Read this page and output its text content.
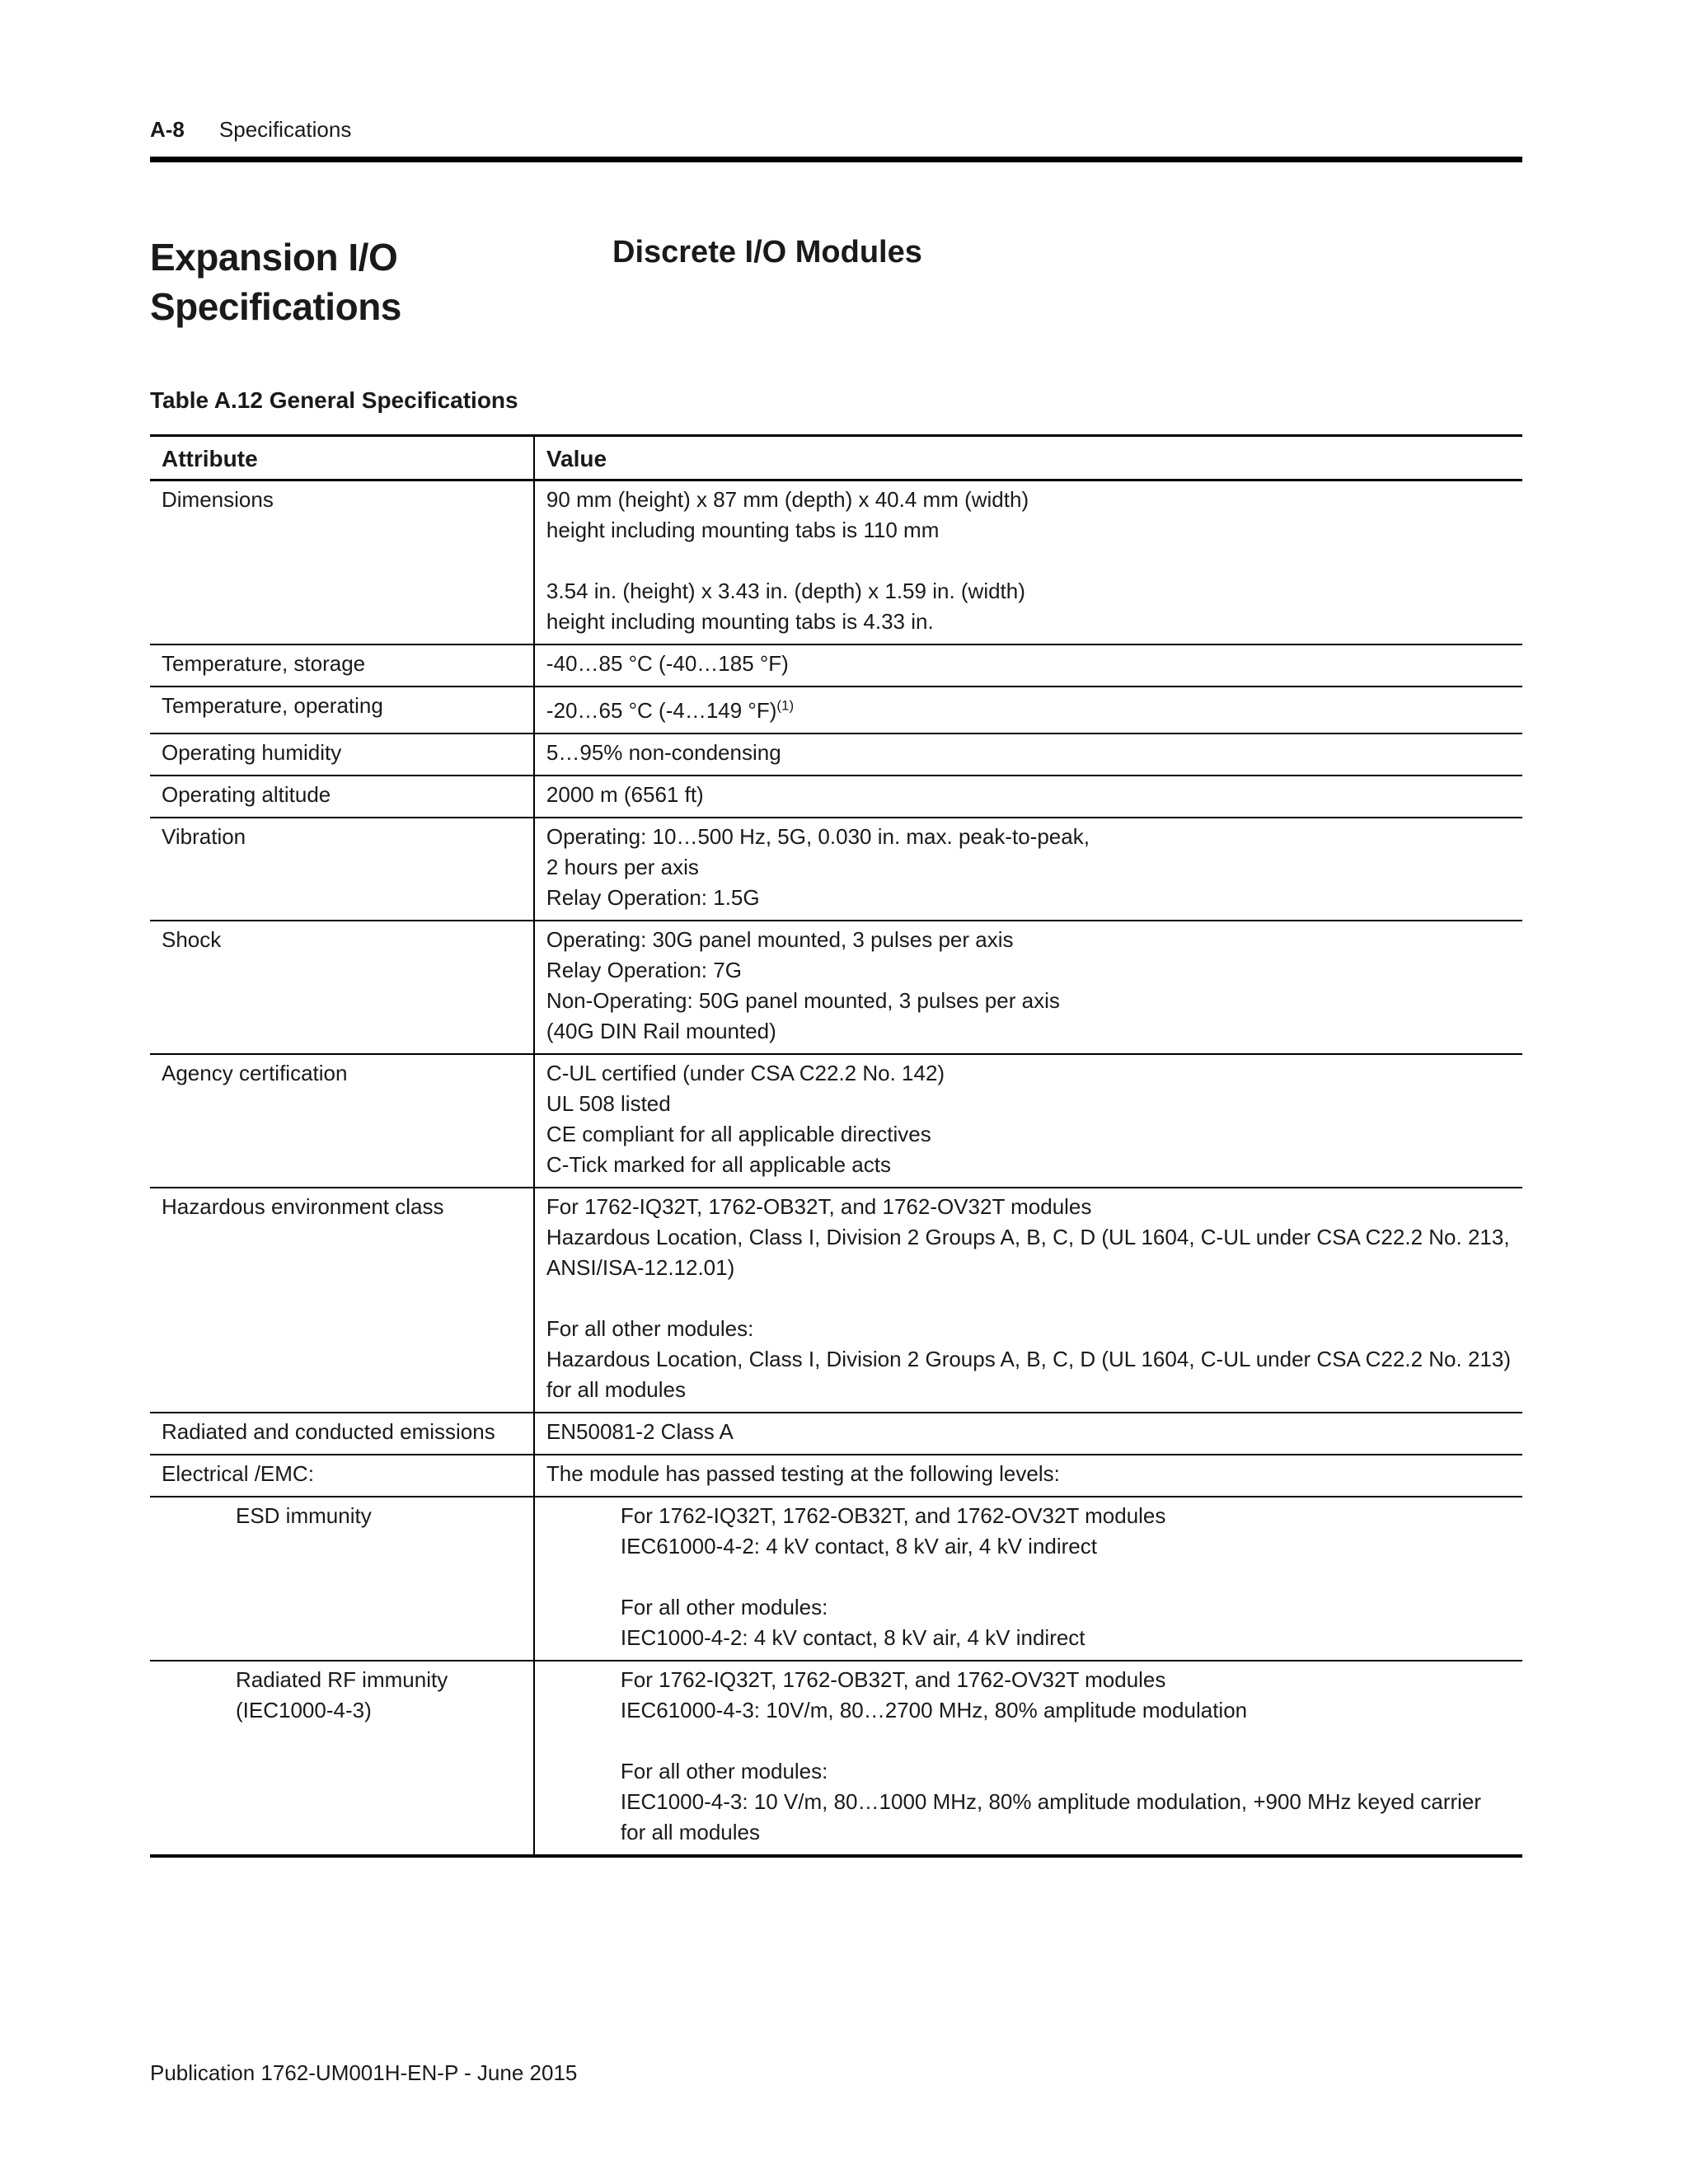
A-8 Specifications
Expansion I/O
Specifications
Discrete I/O Modules
Table A.12 General Specifications
Attribute	Value
Dimensions	90 mm (height) x 87 mm (depth) x 40.4 mm (width)
height including mounting tabs is 110 mm
3.54 in. (height) x 3.43 in. (depth) x 1.59 in. (width)
height including mounting tabs is 4.33 in.

Temperature, storage	-40…85 °C (-40…185 °F)

Temperature, operating	-20…65 °C (-4…149 °F)$^{(1)}$

Operating humidity	5…95% non-condensing

Operating altitude	2000 m (6561 ft)

Vibration	Operating: 10…500 Hz, 5G, 0.030 in. max. peak-to-peak,
2 hours per axis
Relay Operation: 1.5G

Shock	Operating: 30G panel mounted, 3 pulses per axis
Relay Operation: 7G
Non-Operating: 50G panel mounted, 3 pulses per axis
(40G DIN Rail mounted)

Agency certification	C-UL certified (under CSA C22.2 No. 142)
UL 508 listed
CE compliant for all applicable directives
C-Tick marked for all applicable acts

Hazardous environment class	For 1762-IQ32T, 1762-OB32T, and 1762-OV32T modules
Hazardous Location, Class I, Division 2 Groups A, B, C, D (UL 1604, C-UL under CSA C22.2 No. 213, ANSI/ISA-12.12.01)
For all other modules:
Hazardous Location, Class I, Division 2 Groups A, B, C, D (UL 1604, C-UL under CSA C22.2 No. 213)
for all modules

Radiated and conducted emissions	EN50081-2 Class A

Electrical /EMC:	The module has passed testing at the following levels:

ESD immunity	For 1762-IQ32T, 1762-OB32T, and 1762-OV32T modules
IEC61000-4-2: 4 kV contact, 8 kV air, 4 kV indirect
For all other modules:
IEC1000-4-2: 4 kV contact, 8 kV air, 4 kV indirect

Radiated RF immunity
(IEC1000-4-3)	For 1762-IQ32T, 1762-OB32T, and 1762-OV32T modules
IEC61000-4-3: 10V/m, 80…2700 MHz, 80% amplitude modulation
For all other modules:
IEC1000-4-3: 10 V/m, 80…1000 MHz, 80% amplitude modulation, +900 MHz keyed carrier
for all modules
Publication 1762-UM001H-EN-P - June 2015
